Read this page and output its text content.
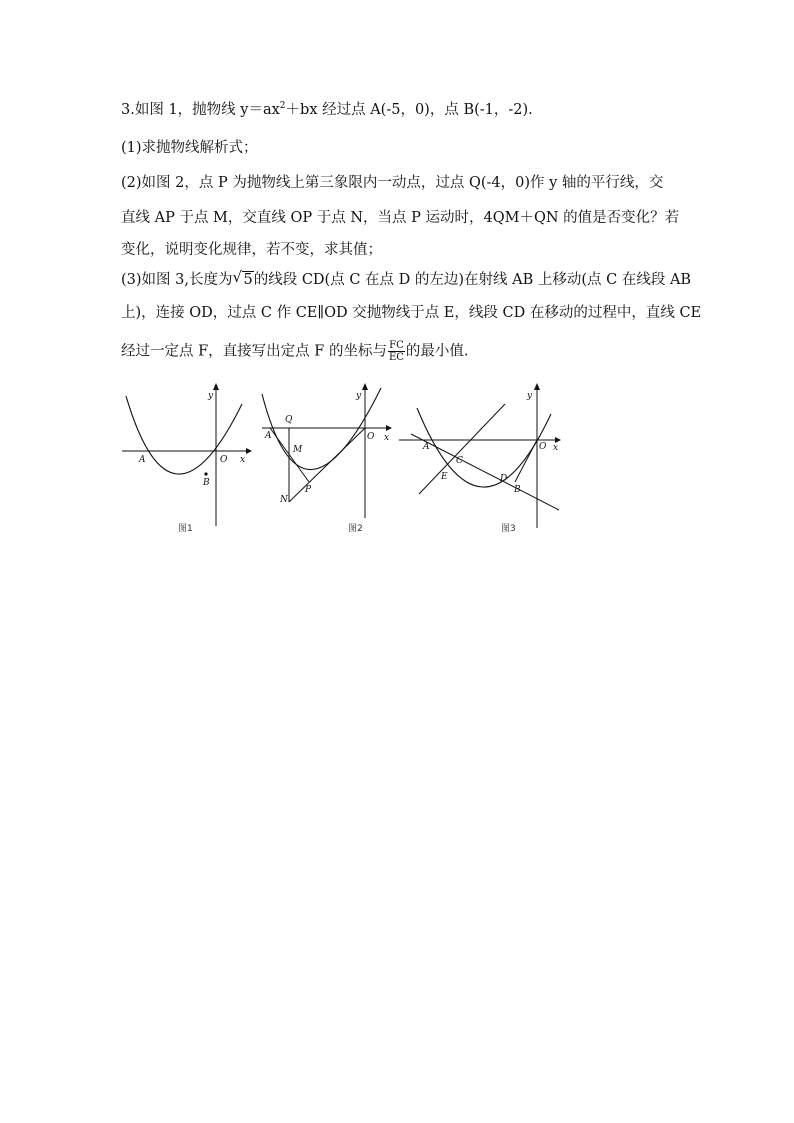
3.如图 1，抛物线 $y=ax^2+bx$ 经过点 A(-5，0)，点 B(-1，-2).
(1)求抛物线解析式；
(2)如图 2，点 P 为抛物线上第三象限内一动点，过点 Q(-4，0)作 y 轴的平行线，交
直线 AP 于点 M，交直线 OP 于点 N，当点 P 运动时，4QM＋QN 的值是否变化？若
变化，说明变化规律，若不变，求其值；
(3)如图 3,长度为 √ 5的线段 CD(点 C 在点 D 的左边)在射线 AB 上移动(点 C 在线段 AB
上)，连接 OD，过点 C 作 CE∥OD 交抛物线于点 E，线段 CD 在移动的过程中，直线 CE
经过一定点 F，直接写出定点 F 的坐标与 $\frac{FC}{EC}$ 的最小值.
y
x
A	O
B
图1
y
x
Q
A	O
M
P
N
图2
y
x
A	O
C
E	D
B
图3
